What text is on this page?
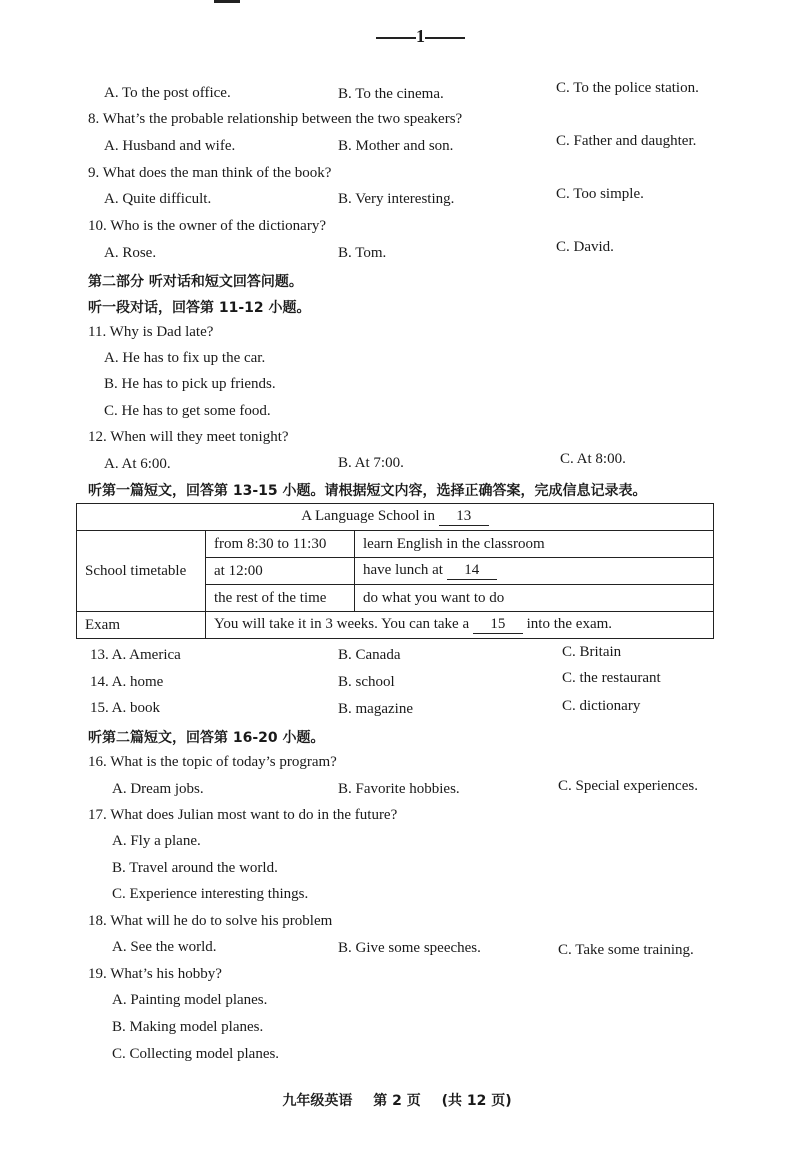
1
A. To the post office.	B. To the cinema.	C. To the police station.
8. What’s the probable relationship between the two speakers?
A. Husband and wife.	B. Mother and son.	C. Father and daughter.
9. What does the man think of the book?
A. Quite difficult.	B. Very interesting.	C. Too simple.
10. Who is the owner of the dictionary?
A. Rose.	B. Tom.	C. David.
第二部分 听对话和短文回答问题。
听一段对话，回答第 11-12 小题。
11. Why is Dad late?
A. He has to fix up the car.
B. He has to pick up friends.
C. He has to get some food.
12. When will they meet tonight?
A. At 6:00.	B. At 7:00.	C. At 8:00.
听第一篇短文，回答第 13-15 小题。请根据短文内容，选择正确答案，完成信息记录表。
A Language School in 13		
School timetable	from 8:30 to 11:30	learn English in the classroom
	at 12:00	have lunch at 14
	the rest of the time	do what you want to do
Exam	You will take it in 3 weeks. You can take a 15 into the exam.	
13. A. America	B. Canada	C. Britain
14. A. home	B. school	C. the restaurant
15. A. book	B. magazine	C. dictionary
听第二篇短文，回答第 16-20 小题。
16. What is the topic of today’s program?
A. Dream jobs.	B. Favorite hobbies.	C. Special experiences.
17. What does Julian most want to do in the future?
A. Fly a plane.
B. Travel around the world.
C. Experience interesting things.
18. What will he do to solve his problem
A. See the world.	B. Give some speeches.	C. Take some training.
19. What’s his hobby?
A. Painting model planes.
B. Making model planes.
C. Collecting model planes.
九年级英语 第 2 页 (共 12 页)
